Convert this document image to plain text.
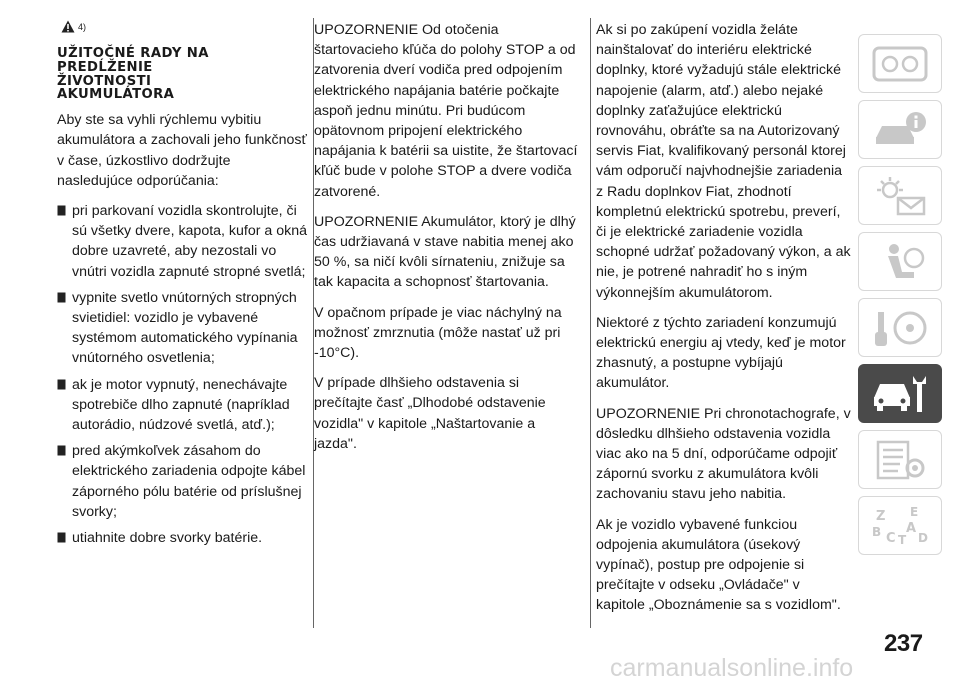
4)
UŽITOČNÉ RADY NA
PREDĹŽENIE
ŽIVOTNOSTI
AKUMULÁTORA

Aby ste sa vyhli rýchlemu vybitiu akumulátora a zachovali jeho funkčnosť v čase, úzkostlivo dodržujte nasledujúce odporúčania:

pri parkovaní vozidla skontrolujte, či sú všetky dvere, kapota, kufor a okná dobre uzavreté, aby nezostali vo vnútri vozidla zapnuté stropné svetlá;
vypnite svetlo vnútorných stropných svietidiel: vozidlo je vybavené systémom automatického vypínania vnútorného osvetlenia;
ak je motor vypnutý, nenechávajte spotrebiče dlho zapnuté (napríklad autorádio, núdzové svetlá, atď.);
pred akýmkoľvek zásahom do elektrického zariadenia odpojte kábel záporného pólu batérie od príslušnej svorky;
utiahnite dobre svorky batérie.

UPOZORNENIE Od otočenia štartovacieho kľúča do polohy STOP a od zatvorenia dverí vodiča pred odpojením elektrického napájania batérie počkajte aspoň jednu minútu. Pri budúcom opätovnom pripojení elektrického napájania k batérii sa uistite, že štartovací kľúč bude v polohe STOP a dvere vodiča zatvorené.

UPOZORNENIE Akumulátor, ktorý je dlhý čas udržiavaná v stave nabitia menej ako 50 %, sa ničí kvôli sírnateniu, znižuje sa tak kapacita a schopnosť štartovania.

V opačnom prípade je viac náchylný na možnosť zmrznutia (môže nastať už pri -10°C).

V prípade dlhšieho odstavenia si prečítajte časť „Dlhodobé odstavenie vozidla" v kapitole „Naštartovanie a jazda".

Ak si po zakúpení vozidla želáte nainštalovať do interiéru elektrické doplnky, ktoré vyžadujú stále elektrické napojenie (alarm, atď.) alebo nejaké doplnky zaťažujúce elektrickú rovnováhu, obráťte sa na Autorizovaný servis Fiat, kvalifikovaný personál ktorej vám odporučí najvhodnejšie zariadenia z Radu doplnkov Fiat, zhodnotí kompletnú elektrickú spotrebu, preverí, či je elektrické zariadenie vozidla schopné udržať požadovaný výkon, a ak nie, je potrené nahradiť ho s iným výkonnejším akumulátorom.

Niektoré z týchto zariadení konzumujú elektrickú energiu aj vtedy, keď je motor zhasnutý, a postupne vybíjajú akumulátor.

UPOZORNENIE Pri chronotachografe, v dôsledku dlhšieho odstavenia vozidla viac ako na 5 dní, odporúčame odpojiť zápornú svorku z akumulátora kvôli zachovaniu stavu jeho nabitia.

Ak je vozidlo vybavené funkciou odpojenia akumulátora (úsekový vypínač), postup pre odpojenie si prečítajte v odseku „Ovládače" v kapitole „Oboznámenie sa s vozidlom".

Z E
B A
C T D
237
carmanualsonline.info
